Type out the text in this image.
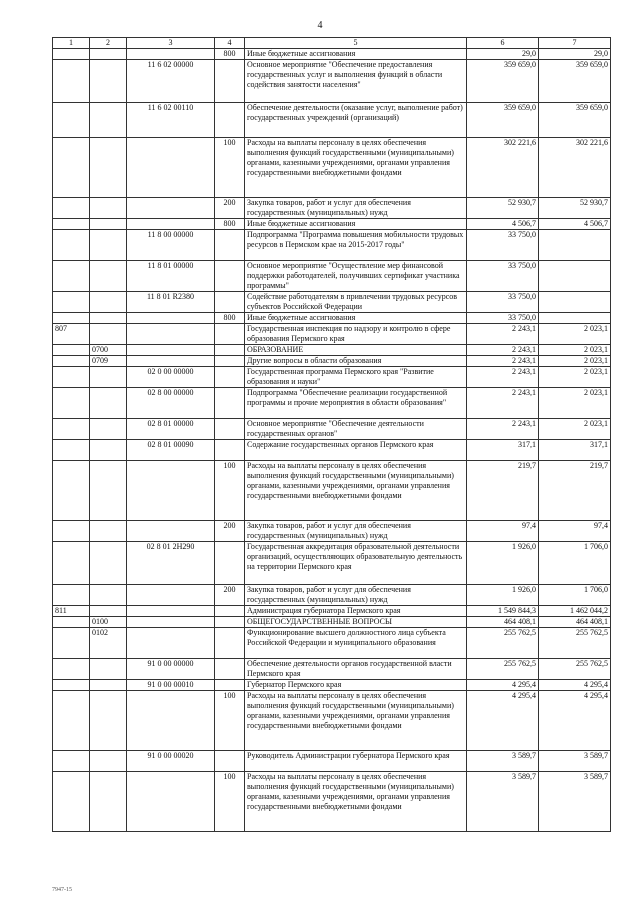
4
1	2	3	4	5	6	7
			800	Иные бюджетные ассигнования	29,0	29,0
		11 6 02 00000		Основное мероприятие "Обеспечение предоставления государственных услуг и выполнения функций в области содействия занятости населения"	359 659,0	359 659,0
		11 6 02 00110		Обеспечение деятельности (оказание услуг, выполнение работ) государственных учреждений (организаций)	359 659,0	359 659,0
			100	Расходы на выплаты персоналу в целях обеспечения выполнения функций государственными (муниципальными) органами, казенными учреждениями, органами управления государственными внебюджетными фондами	302 221,6	302 221,6
			200	Закупка товаров, работ и услуг для обеспечения государственных (муниципальных) нужд	52 930,7	52 930,7
			800	Иные бюджетные ассигнования	4 506,7	4 506,7
		11 8 00 00000		Подпрограмма "Программа повышения мобильности трудовых ресурсов в Пермском крае на 2015-2017 годы"	33 750,0	
		11 8 01 00000		Основное мероприятие "Осуществление мер финансовой поддержки работодателей, получивших сертификат участника программы"	33 750,0	
		11 8 01 R2380		Содействие работодателям в привлечении трудовых ресурсов субъектов Российской Федерации	33 750,0	
			800	Иные бюджетные ассигнования	33 750,0	
807				Государственная инспекция по надзору и контролю в сфере образования Пермского края	2 243,1	2 023,1
	0700			ОБРАЗОВАНИЕ	2 243,1	2 023,1
	0709			Другие вопросы в области образования	2 243,1	2 023,1
		02 0 00 00000		Государственная программа Пермского края "Развитие образования и науки"	2 243,1	2 023,1
		02 8 00 00000		Подпрограмма "Обеспечение реализации государственной программы и прочие мероприятия в области образования"	2 243,1	2 023,1
		02 8 01 00000		Основное мероприятие "Обеспечение деятельности государственных органов"	2 243,1	2 023,1
		02 8 01 00090		Содержание государственных органов Пермского края	317,1	317,1
			100	Расходы на выплаты персоналу в целях обеспечения выполнения функций государственными (муниципальными) органами, казенными учреждениями, органами управления государственными внебюджетными фондами	219,7	219,7
			200	Закупка товаров, работ и услуг для обеспечения государственных (муниципальных) нужд	97,4	97,4
		02 8 01 2Н290		Государственная аккредитация образовательной деятельности организаций, осуществляющих образовательную деятельность на территории Пермского края	1 926,0	1 706,0
			200	Закупка товаров, работ и услуг для обеспечения государственных (муниципальных) нужд	1 926,0	1 706,0
811				Администрация губернатора Пермского края	1 549 844,3	1 462 044,2
	0100			ОБЩЕГОСУДАРСТВЕННЫЕ ВОПРОСЫ	464 408,1	464 408,1
	0102			Функционирование высшего должностного лица субъекта Российской Федерации и муниципального образования	255 762,5	255 762,5
		91 0 00 00000		Обеспечение деятельности органов государственной власти Пермского края	255 762,5	255 762,5
		91 0 00 00010		Губернатор Пермского края	4 295,4	4 295,4
			100	Расходы на выплаты персоналу в целях обеспечения выполнения функций государственными (муниципальными) органами, казенными учреждениями, органами управления государственными внебюджетными фондами	4 295,4	4 295,4
		91 0 00 00020		Руководитель Администрации губернатора Пермского края	3 589,7	3 589,7
			100	Расходы на выплаты персоналу в целях обеспечения выполнения функций государственными (муниципальными) органами, казенными учреждениями, органами управления государственными внебюджетными фондами	3 589,7	3 589,7
7947-15
